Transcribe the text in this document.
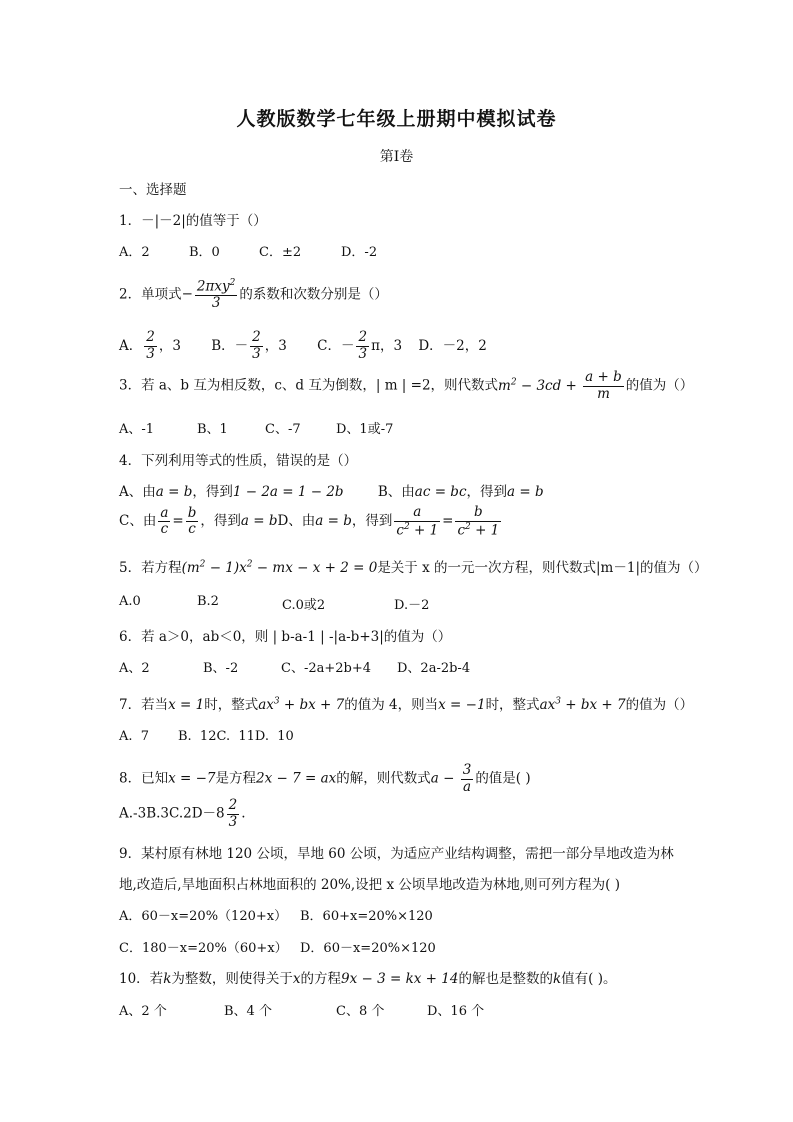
人教版数学七年级上册期中模拟试卷
第Ⅰ卷
一、选择题
1．－|－2|的值等于（）
A．2	B．0	C．±2	D．-2
2．单项式− $\frac{2\pi xy^2}{3}$ 的系数和次数分别是（）
A． $\frac{2}{3}$ ，3 B．－ $\frac{2}{3}$ ，3 C．－ $\frac{2}{3}$ π，3 D．－2，2
3．若 a、b 互为相反数，c、d 互为倒数，| m | =2，则代数式$m^2 - 3cd + \frac{a + b}{m}$ 的值为（）
A、-1	B、1	C、-7	D、1或-7
4．下列利用等式的性质，错误的是（）
A、由a = b，得到1 − 2a = 1 − 2b	B、由ac = bc，得到a = b
C、由 $\frac{a}{c} = \frac{b}{c}$ ，得到a = bD、由a = b，得到 $\frac{a}{c^2 + 1} = \frac{b}{c^2 + 1}$
5．若方程$(m^2 - 1)x^2$ − mx − x + 2 = 0是关于 x 的一元一次方程，则代数式|m－1|的值为（）
A.0	B.2	C.0或2	D.－2
6．若 a＞0，ab＜0，则 | b-a-1 | -|a-b+3|的值为（）
A、2	B、-2	C、-2a+2b+4 D、2a-2b-4
7．若当x = 1时，整式$ax^3$ + bx + 7的值为 4，则当x = −1时，整式$ax^3$ + bx + 7的值为（）
A.  7       B.  12C.  11D.  10
8．已知x = −7是方程2x − 7 = ax的解，则代数式$a - \frac{3}{a}$ 的值是( )
$A.-3B.3C.2D-8 \frac{2}{3}$ .
9．某村原有林地 120 公顷，旱地 60 公顷，为适应产业结构调整，需把一部分旱地改造为林
地,改造后,旱地面积占林地面积的 20%,设把 x 公顷旱地改造为林地,则可列方程为( )
A．60－x=20%（120+x） B．60+x=20%×120
C．180－x=20%（60+x） D．60－x=20%×120
10．若k为整数，则使得关于x的方程9x − 3 = kx + 14的解也是整数的k值有( )。
A、2 个	B、4 个	C、8 个	D、16 个
